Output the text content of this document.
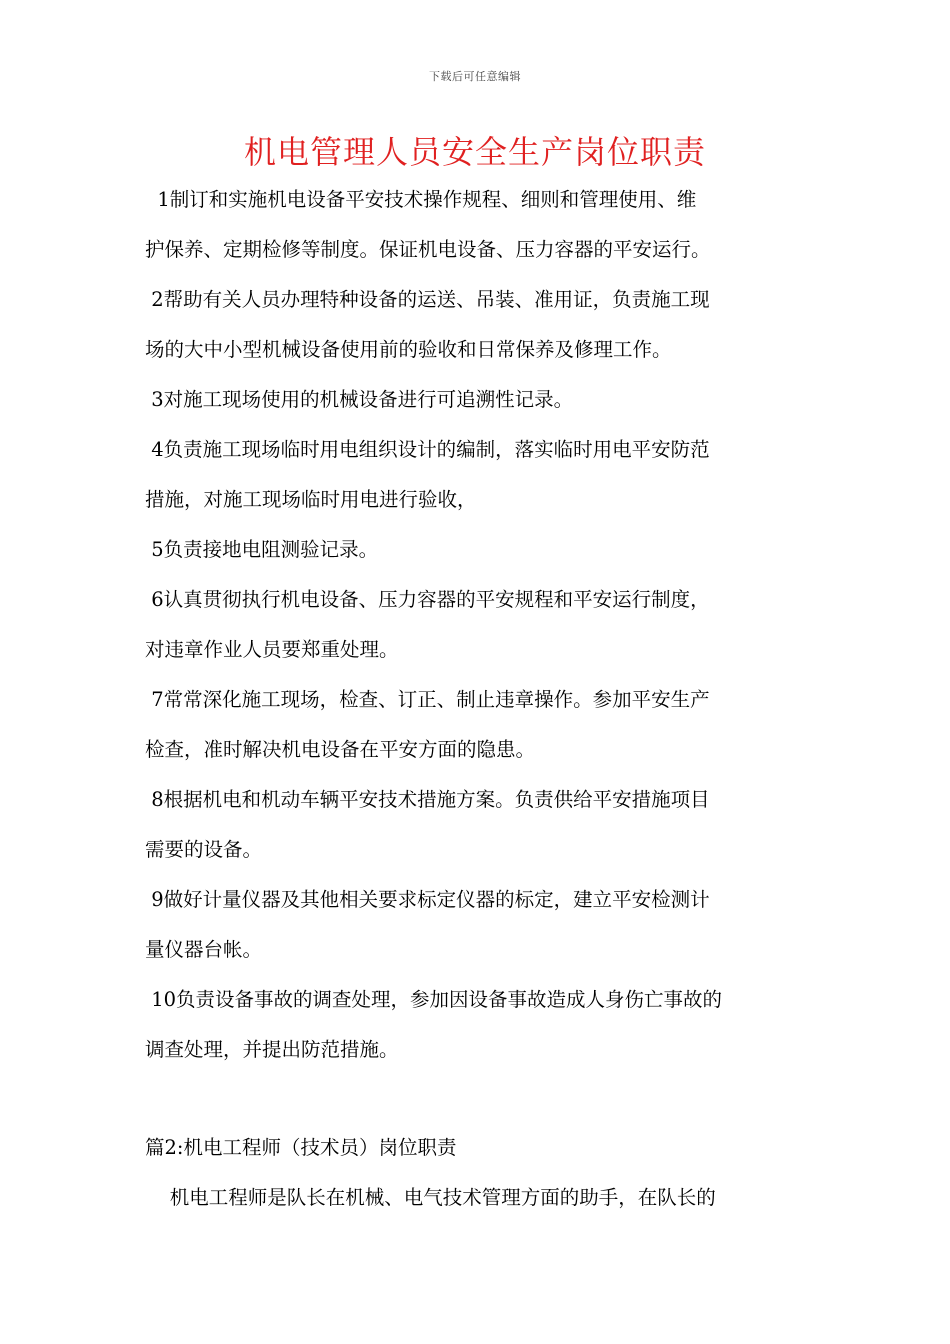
下载后可任意编辑
机电管理人员安全生产岗位职责
1制订和实施机电设备平安技术操作规程、细则和管理使用、维
护保养、定期检修等制度。保证机电设备、压力容器的平安运行。
2帮助有关人员办理特种设备的运送、吊装、准用证，负责施工现
场的大中小型机械设备使用前的验收和日常保养及修理工作。
3对施工现场使用的机械设备进行可追溯性记录。
4负责施工现场临时用电组织设计的编制，落实临时用电平安防范
措施，对施工现场临时用电进行验收，
5负责接地电阻测验记录。
6认真贯彻执行机电设备、压力容器的平安规程和平安运行制度，
对违章作业人员要郑重处理。
7常常深化施工现场，检查、订正、制止违章操作。参加平安生产
检查，准时解决机电设备在平安方面的隐患。
8根据机电和机动车辆平安技术措施方案。负责供给平安措施项目
需要的设备。
9做好计量仪器及其他相关要求标定仪器的标定，建立平安检测计
量仪器台帐。
10负责设备事故的调查处理，参加因设备事故造成人身伤亡事故的
调查处理，并提出防范措施。
篇2:机电工程师（技术员）岗位职责
机电工程师是队长在机械、电气技术管理方面的助手，在队长的
